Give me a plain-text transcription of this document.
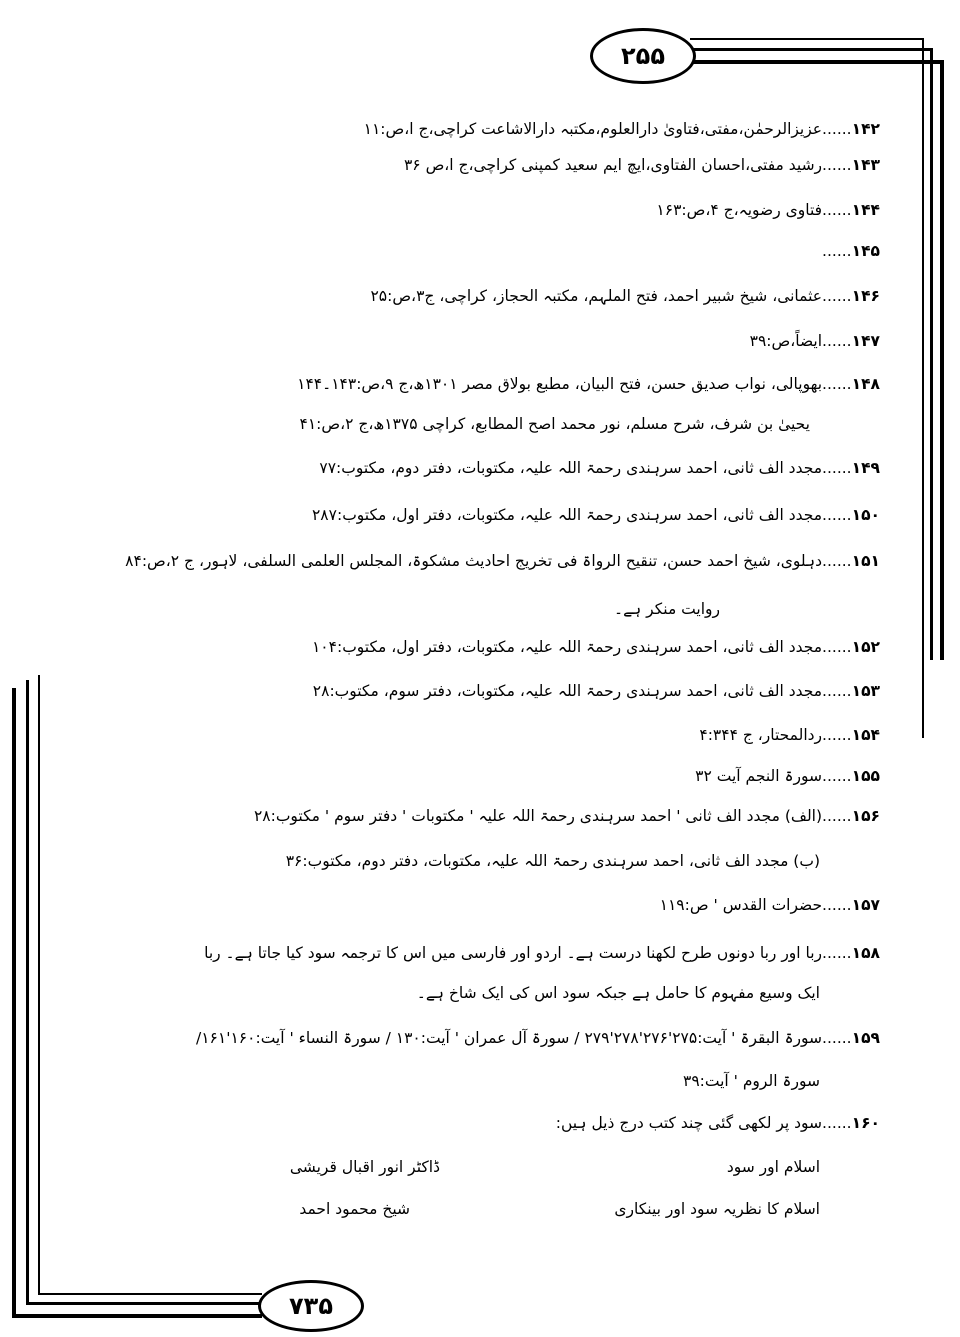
۲۵۵
۷۳۵
۱۴۲......عزیزالرحمٰن،مفتی،فتاویٰ دارالعلوم،مکتبہ دارالاشاعت کراچی،ج ا،ص:۱۱
۱۴۳......رشید مفتی،احسان الفتاوی،ایچ ایم سعید کمپنی کراچی،ج ا،ص ۳۶
۱۴۴......فتاوی رضویہ،ج ۴،ص:۱۶۳
۱۴۵......
۱۴۶......عثمانی، شیخ شبیر احمد، فتح الملہم، مکتبہ الحجاز، کراچی، ج۳،ص:۲۵
۱۴۷......ایضاً،ص:۳۹
۱۴۸......بھوپالی، نواب صدیق حسن، فتح البیان، مطبع بولاق مصر ۱۳۰۱ھ،ج ۹،ص:۱۴۳۔۱۴۴
یحییٰ بن شرف، شرح مسلم، نور محمد اصح المطابع، کراچی ۱۳۷۵ھ،ج ۲،ص:۴۱
۱۴۹......مجدد الف ثانی، احمد سرہندی رحمۃ اللہ علیہ، مکتوبات، دفتر دوم، مکتوب:۷۷
۱۵۰......مجدد الف ثانی، احمد سرہندی رحمۃ اللہ علیہ، مکتوبات، دفتر اول، مکتوب:۲۸۷
۱۵۱......دہلوی، شیخ احمد حسن، تنقیح الرواۃ فی تخریج احادیث مشکوۃ، المجلس العلمی السلفی، لاہور، ج ۲،ص:۸۴
روایت منکر ہے۔
۱۵۲......مجدد الف ثانی، احمد سرہندی رحمۃ اللہ علیہ، مکتوبات، دفتر اول، مکتوب:۱۰۴
۱۵۳......مجدد الف ثانی، احمد سرہندی رحمۃ اللہ علیہ، مکتوبات، دفتر سوم، مکتوب:۲۸
۱۵۴......ردالمحتار، ج ۴:۳۴۴
۱۵۵......سورۃ النجم آیت ۳۲
۱۵۶......(الف) مجدد الف ثانی ' احمد سرہندی رحمۃ اللہ علیہ ' مکتوبات ' دفتر سوم ' مکتوب:۲۸
(ب) مجدد الف ثانی، احمد سرہندی رحمۃ اللہ علیہ، مکتوبات، دفتر دوم، مکتوب:۳۶
۱۵۷......حضرات القدس ' ص:۱۱۹
۱۵۸......ربا اور ربا دونوں طرح لکھنا درست ہے۔ اردو اور فارسی میں اس کا ترجمہ سود کیا جاتا ہے۔ ربا
ایک وسیع مفہوم کا حامل ہے جبکہ سود اس کی ایک شاخ ہے۔
۱۵۹......سورۃ البقرۃ ' آیت:۲۷۵'۲۷۶'۲۷۸'۲۷۹ / سورۃ آل عمران ' آیت:۱۳۰ / سورۃ النساء ' آیت:۱۶۰'۱۶۱/
سورۃ الروم ' آیت:۳۹
۱۶۰......سود پر لکھی گئی چند کتب درج ذیل ہیں:
اسلام اور سود
ڈاکٹر انور اقبال قریشی
اسلام کا نظریہ سود اور بینکاری
شیخ محمود احمد
